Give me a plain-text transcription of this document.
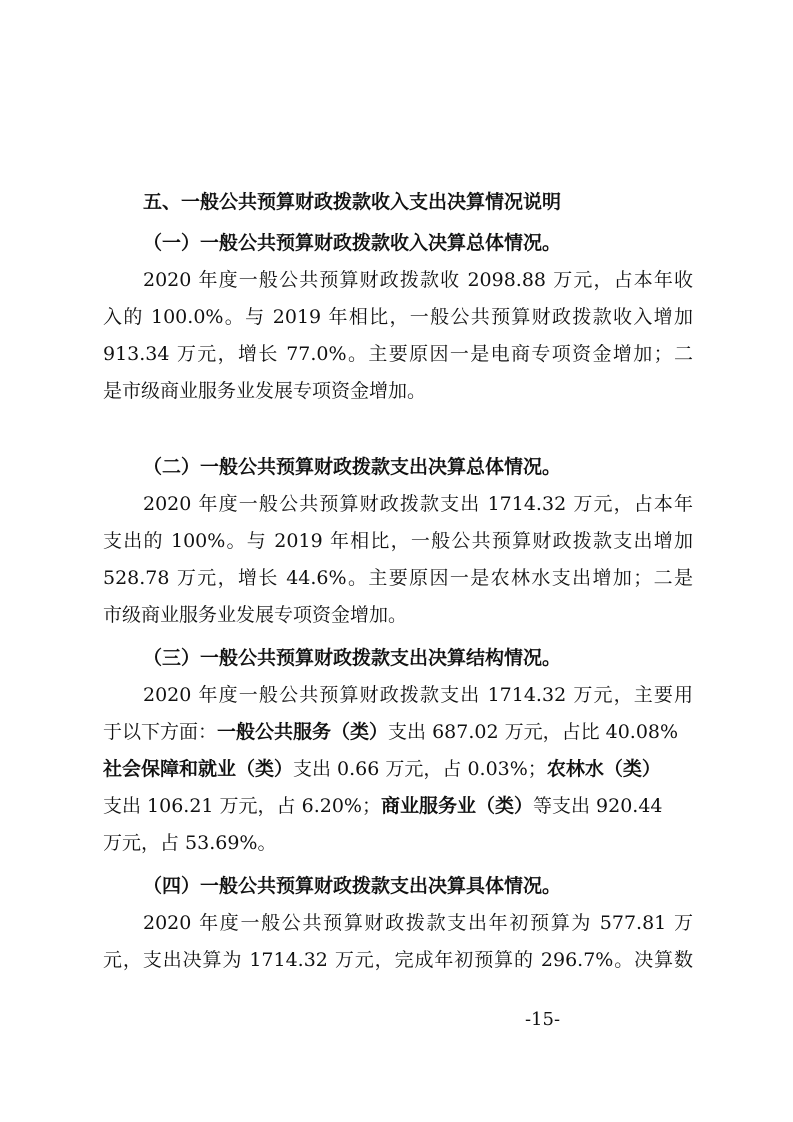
五、一般公共预算财政拨款收入支出决算情况说明
（一）一般公共预算财政拨款收入决算总体情况。
2020 年度一般公共预算财政拨款收 2098.88 万元，占本年收
入的 100.0%。与 2019 年相比，一般公共预算财政拨款收入增加
913.34 万元，增长 77.0%。主要原因一是电商专项资金增加；二
是市级商业服务业发展专项资金增加。
（二）一般公共预算财政拨款支出决算总体情况。
2020 年度一般公共预算财政拨款支出 1714.32 万元，占本年
支出的 100%。与 2019 年相比，一般公共预算财政拨款支出增加
528.78 万元，增长 44.6%。主要原因一是农林水支出增加；二是
市级商业服务业发展专项资金增加。
（三）一般公共预算财政拨款支出决算结构情况。
2020 年度一般公共预算财政拨款支出 1714.32 万元，主要用
于以下方面：一般公共服务（类）支出 687.02 万元，占比 40.08%
社会保障和就业（类）支出 0.66 万元，占 0.03%；农林水（类）
支出 106.21 万元，占 6.20%；商业服务业（类）等支出 920.44
万元，占 53.69%。
（四）一般公共预算财政拨款支出决算具体情况。
2020 年度一般公共预算财政拨款支出年初预算为 577.81 万
元，支出决算为 1714.32 万元，完成年初预算的 296.7%。决算数
-15-
